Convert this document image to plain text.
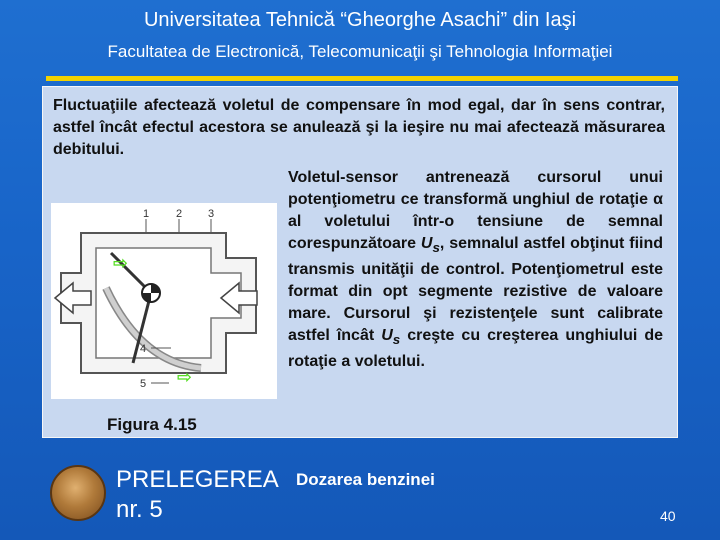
Universitatea Tehnică “Gheorghe Asachi” din Iaşi
Facultatea de Electronică, Telecomunicaţii şi Tehnologia Informaţiei
Fluctuaţiile afectează voletul de compensare în mod egal, dar în sens contrar, astfel încât efectul acestora se anulează şi la ieşire nu mai afectează măsurarea debitului.
Voletul-sensor antrenează cursorul unui potenţiometru ce transformă unghiul de rotaţie α al voletului într-o tensiune de semnal corespunzătoare $U_s$, semnalul astfel obţinut fiind transmis unităţii de control. Potenţiometrul este format din opt segmente rezistive de valoare mare. Cursorul şi rezistenţele sunt calibrate astfel încât $U_s$ creşte cu creşterea unghiului de rotaţie a voletului.
⇨
⇨
1 2 3
4
5
Figura 4.15
PRELEGEREA
nr. 5
Dozarea benzinei
40
